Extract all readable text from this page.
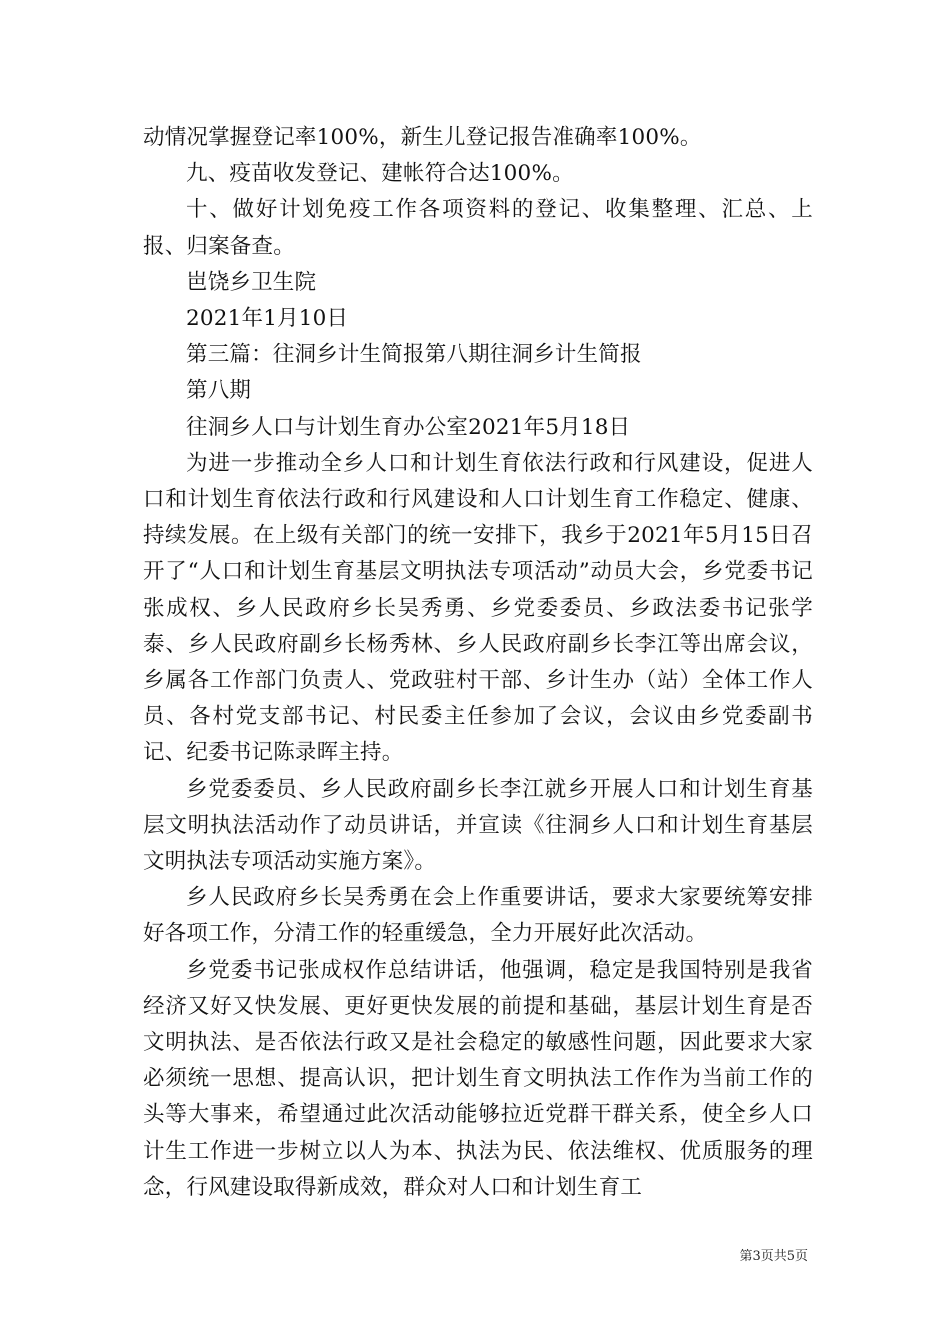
动情况掌握登记率100%，新生儿登记报告准确率100%。

九、疫苗收发登记、建帐符合达100%。

十、做好计划免疫工作各项资料的登记、收集整理、汇总、上报、归案备查。

岜饶乡卫生院

2021年1月10日

第三篇：往洞乡计生简报第八期往洞乡计生简报

第八期

往洞乡人口与计划生育办公室2021年5月18日

为进一步推动全乡人口和计划生育依法行政和行风建设，促进人口和计划生育依法行政和行风建设和人口计划生育工作稳定、健康、持续发展。在上级有关部门的统一安排下，我乡于2021年5月15日召开了“人口和计划生育基层文明执法专项活动”动员大会，乡党委书记张成权、乡人民政府乡长吴秀勇、乡党委委员、乡政法委书记张学泰、乡人民政府副乡长杨秀林、乡人民政府副乡长李江等出席会议，乡属各工作部门负责人、党政驻村干部、乡计生办（站）全体工作人员、各村党支部书记、村民委主任参加了会议，会议由乡党委副书记、纪委书记陈录晖主持。

乡党委委员、乡人民政府副乡长李江就乡开展人口和计划生育基层文明执法活动作了动员讲话，并宣读《往洞乡人口和计划生育基层文明执法专项活动实施方案》。

乡人民政府乡长吴秀勇在会上作重要讲话，要求大家要统筹安排好各项工作，分清工作的轻重缓急，全力开展好此次活动。

乡党委书记张成权作总结讲话，他强调，稳定是我国特别是我省经济又好又快发展、更好更快发展的前提和基础，基层计划生育是否文明执法、是否依法行政又是社会稳定的敏感性问题，因此要求大家必须统一思想、提高认识，把计划生育文明执法工作作为当前工作的头等大事来，希望通过此次活动能够拉近党群干群关系，使全乡人口计生工作进一步树立以人为本、执法为民、依法维权、优质服务的理念，行风建设取得新成效，群众对人口和计划生育工

第3页共5页
